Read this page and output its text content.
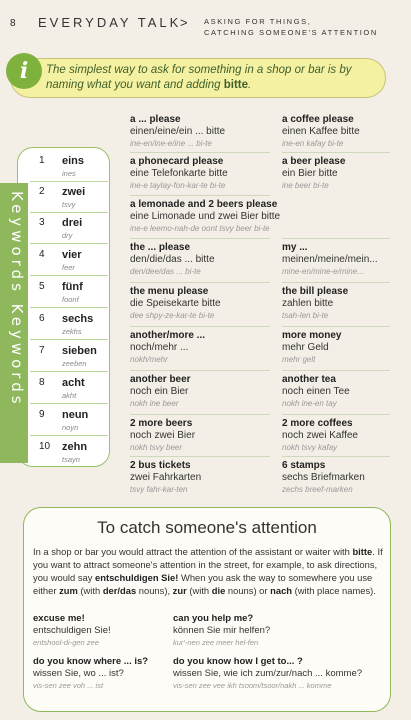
8 EVERYDAY TALK
> ASKING FOR THINGS,
CATCHING SOMEONE'S ATTENTION
i	The simplest way to ask for something in a shop or bar is by naming what you want and adding bitte.
1 eins
ines
2 zwei
tsvy
3 drei
dry
4 vier
feer
5 fünf
foonf
6 sechs
zekhs
7 sieben
zeeben
8 acht
akht
9 neun
noyn
10 zehn
tsayn
Keywords Keywords
a ... please
einen/eine/ein ... bitte
ine-en/ine-e/ine ... bi-te
a phonecard please
eine Telefonkarte bitte
ine-e taylay-fon-kar-te bi-te
a lemonade and 2 beers please
eine Limonade und zwei Bier bitte
ine-e leemo-nah-de oont tsvy beer bi-te
the ... please
den/die/das ... bitte
den/dee/das ... bi-te
the menu please
die Speisekarte bitte
dee shpy-ze-kar-te bi-te
another/more ...
noch/mehr ...
nokh/mehr
another beer
noch ein Bier
nokh ine beer
2 more beers
noch zwei Bier
nokh tsvy beer
2 bus tickets
zwei Fahrkarten
tsvy fahr-kar-ten
a coffee please
einen Kaffee bitte
ine-en kafay bi-te
a beer please
ein Bier bitte
ine beer bi-te
my ...
meinen/meine/mein...
mine-en/mine-e/mine...
the bill please
zahlen bitte
tsah-len bi-te
more money
mehr Geld
mehr gelt
another tea
noch einen Tee
nokh ine-en tay
2 more coffees
noch zwei Kaffee
nokh tsvy kafay
6 stamps
sechs Briefmarken
zechs breef-marken
To catch someone's attention
In a shop or bar you would attract the attention of the assistant or waiter with bitte. If you want to attract someone's attention in the street, for example, to ask directions, you would say entschuldigen Sie! When you ask the way to somewhere you use either zum (with der/das nouns), zur (with die nouns) or nach (with place names).
excuse me!
entschuldigen Sie!
entshool-di-gen zee
can you help me?
können Sie mir helfen?
kur'-nen zee meer hel-fen
do you know where ... is?
wissen Sie, wo ... ist?
vis-sen zee voh ... ist
do you know how I get to... ?
wissen Sie, wie ich zum/zur/nach ... komme?
vis-sen zee vee ikh tsoom/tsoor/nakh ... komme
